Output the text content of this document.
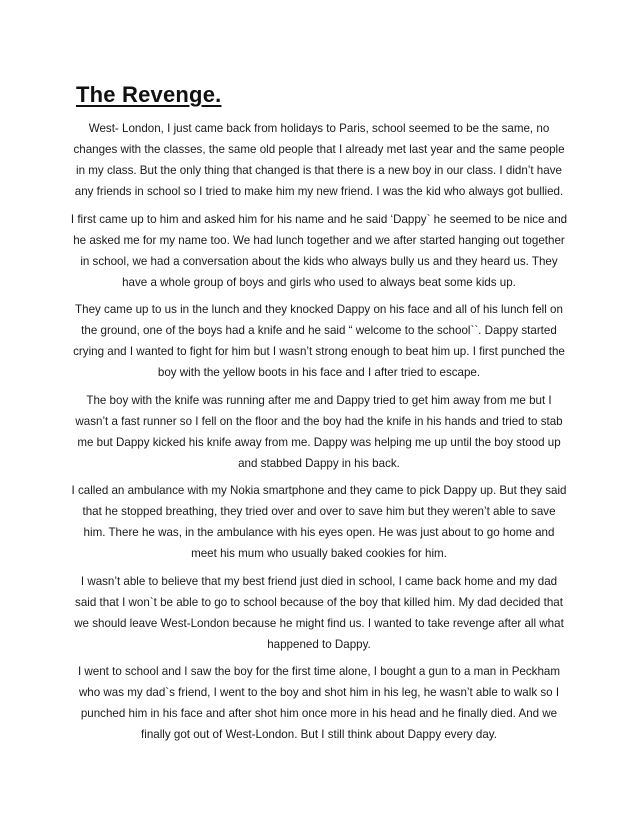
The Revenge.

West- London, I just came back from holidays to Paris, school seemed to be the same, no changes with the classes, the same old people that I already met last year and the same people in my class. But the only thing that changed is that there is a new boy in our class. I didn’t have any friends in school so I tried to make him my new friend. I was the kid who always got bullied.

I first came up to him and asked him for his name and he said ‘Dappy` he seemed to be nice and he asked me for my name too. We had lunch together and we after started hanging out together in school, we had a conversation about the kids who always bully us and they heard us. They have a whole group of boys and girls who used to always beat some kids up.

They came up to us in the lunch and they knocked Dappy on his face and all of his lunch fell on the ground, one of the boys had a knife and he said “ welcome to the school``. Dappy started crying and I wanted to fight for him but I wasn’t strong enough to beat him up. I first punched the boy with the yellow boots in his face and I after tried to escape.

The boy with the knife was running after me and Dappy tried to get him away from me but I wasn’t a fast runner so I fell on the floor and the boy had the knife in his hands and tried to stab me but Dappy kicked his knife away from me. Dappy was helping me up until the boy stood up and stabbed Dappy in his back.

I called an ambulance with my Nokia smartphone and they came to pick Dappy up. But they said that he stopped breathing, they tried over and over to save him but they weren’t able to save him. There he was, in the ambulance with his eyes open. He was just about to go home and meet his mum who usually baked cookies for him.

I wasn’t able to believe that my best friend just died in school, I came back home and my dad said that I won`t be able to go to school because of the boy that killed him. My dad decided that we should leave West-London because he might find us. I wanted to take revenge after all what happened to Dappy.

I went to school and I saw the boy for the first time alone, I bought a gun to a man in Peckham who was my dad`s friend, I went to the boy and shot him in his leg, he wasn’t able to walk so I punched him in his face and after shot him once more in his head and he finally died. And we finally got out of West-London. But I still think about Dappy every day.
